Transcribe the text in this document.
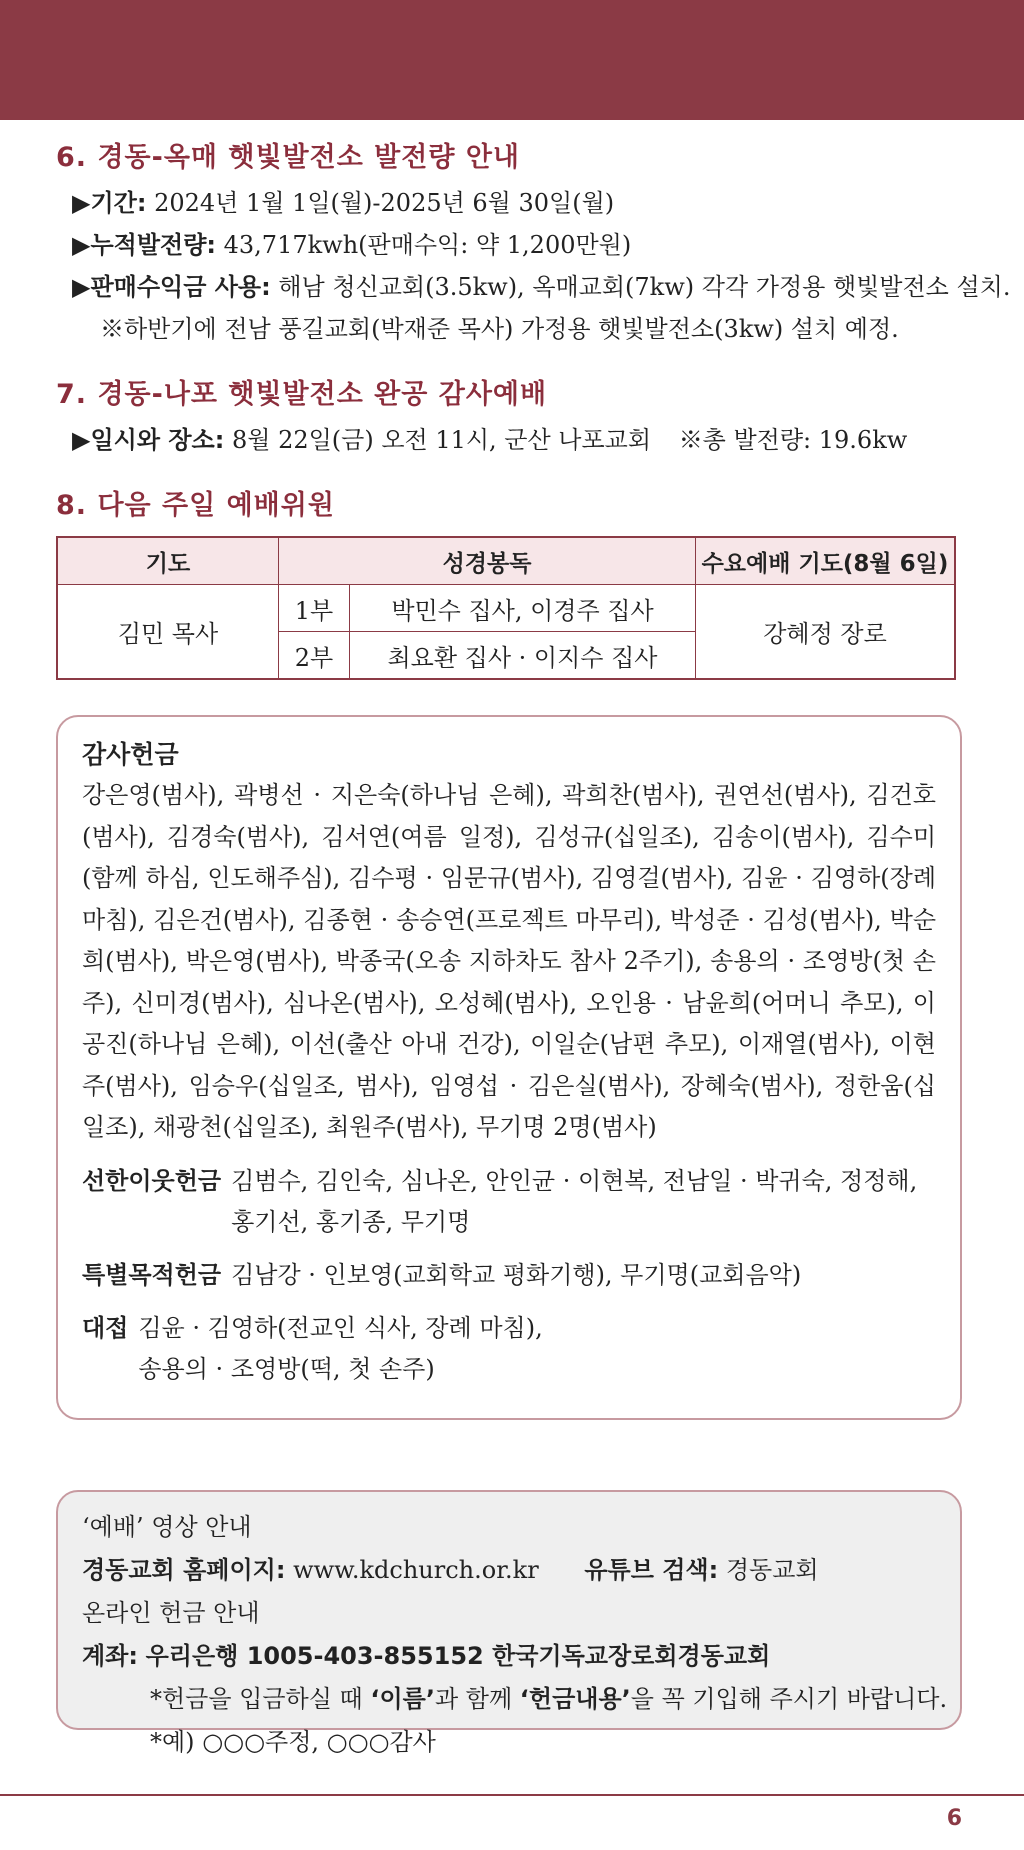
6. 경동-옥매 햇빛발전소 발전량 안내
▶기간: 2024년 1월 1일(월)-2025년 6월 30일(월)
▶누적발전량: 43,717kwh(판매수익: 약 1,200만원)
▶판매수익금 사용: 해남 청신교회(3.5kw), 옥매교회(7kw) 각각 가정용 햇빛발전소 설치.
※하반기에 전남 풍길교회(박재준 목사) 가정용 햇빛발전소(3kw) 설치 예정.
7. 경동-나포 햇빛발전소 완공 감사예배
▶일시와 장소: 8월 22일(금) 오전 11시, 군산 나포교회 ※총 발전량: 19.6kw
8. 다음 주일 예배위원
기도	성경봉독		수요예배 기도(8월 6일)
김민 목사	1부	박민수 집사, 이경주 집사	강혜정 장로
	2부	최요환 집사 · 이지수 집사	
감사헌금
강은영(범사), 곽병선 · 지은숙(하나님 은혜), 곽희찬(범사), 권연선(범사), 김건호(범사), 김경숙(범사), 김서연(여름 일정), 김성규(십일조), 김송이(범사), 김수미(함께 하심, 인도해주심), 김수평 · 임문규(범사), 김영걸(범사), 김윤 · 김영하(장례 마침), 김은건(범사), 김종현 · 송승연(프로젝트 마무리), 박성준 · 김성(범사), 박순희(범사), 박은영(범사), 박종국(오송 지하차도 참사 2주기), 송용의 · 조영방(첫 손주), 신미경(범사), 심나온(범사), 오성혜(범사), 오인용 · 남윤희(어머니 추모), 이공진(하나님 은혜), 이선(출산 아내 건강), 이일순(남편 추모), 이재열(범사), 이현주(범사), 임승우(십일조, 범사), 임영섭 · 김은실(범사), 장혜숙(범사), 정한움(십일조), 채광천(십일조), 최원주(범사), 무기명 2명(범사)
선한이웃헌금 김범수, 김인숙, 심나온, 안인균 · 이현복, 전남일 · 박귀숙, 정정해, 홍기선, 홍기종, 무기명
특별목적헌금 김남강 · 인보영(교회학교 평화기행), 무기명(교회음악)
대접 김윤 · 김영하(전교인 식사, 장례 마침),
송용의 · 조영방(떡, 첫 손주)
‘예배’ 영상 안내
경동교회 홈페이지: www.kdchurch.or.kr 유튜브 검색: 경동교회
온라인 헌금 안내
계좌: 우리은행 1005-403-855152 한국기독교장로회경동교회
*헌금을 입금하실 때 ‘이름’과 함께 ‘헌금내용’을 꼭 기입해 주시기 바랍니다.
*예) ○○○주정, ○○○감사
6
